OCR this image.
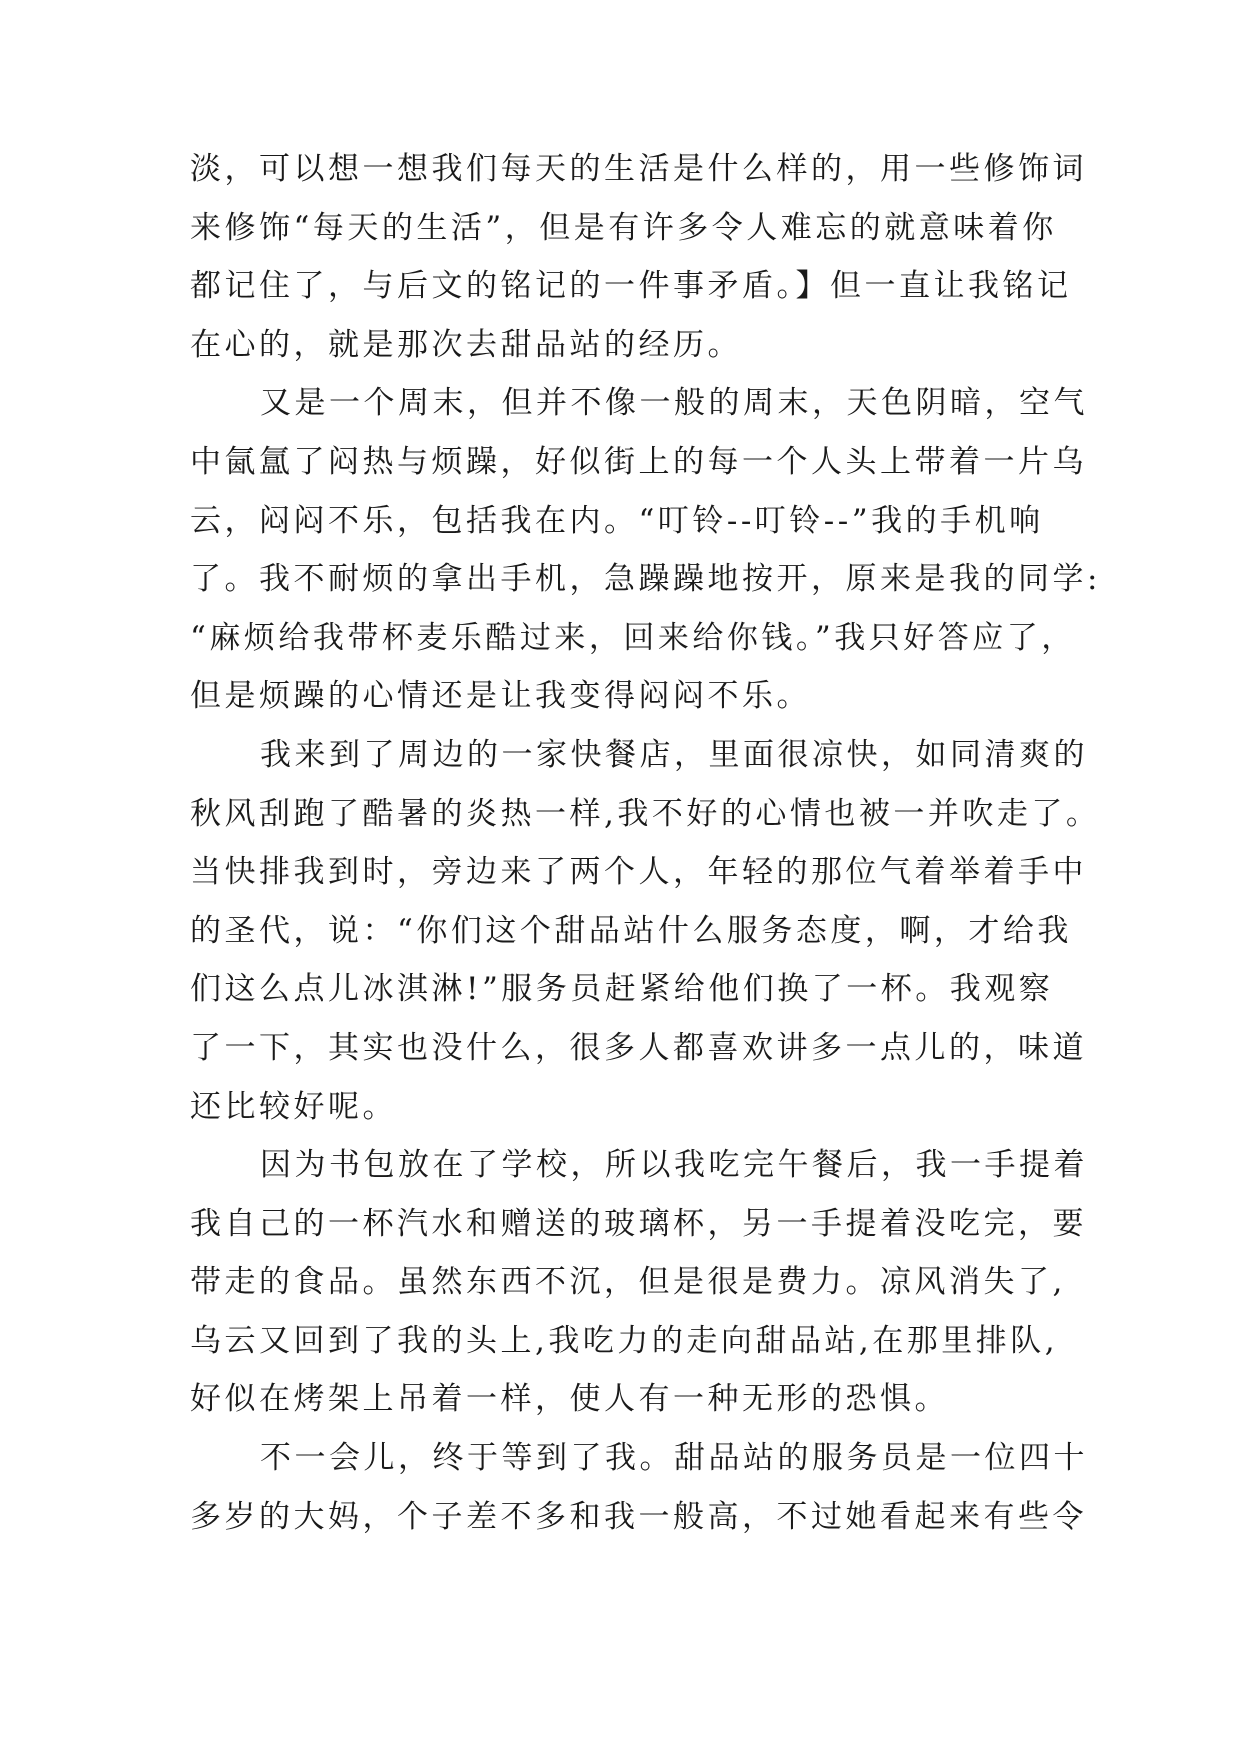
淡，可以想一想我们每天的生活是什么样的，用一些修饰词
来修饰“每天的生活”，但是有许多令人难忘的就意味着你
都记住了，与后文的铭记的一件事矛盾。】但一直让我铭记
在心的，就是那次去甜品站的经历。
又是一个周末，但并不像一般的周末，天色阴暗，空气
中氤氲了闷热与烦躁，好似街上的每一个人头上带着一片乌
云，闷闷不乐，包括我在内。“叮铃--叮铃--”我的手机响
了。我不耐烦的拿出手机，急躁躁地按开，原来是我的同学:
“麻烦给我带杯麦乐酷过来，回来给你钱。”我只好答应了，
但是烦躁的心情还是让我变得闷闷不乐。
我来到了周边的一家快餐店，里面很凉快，如同清爽的
秋风刮跑了酷暑的炎热一样,我不好的心情也被一并吹走了。
当快排我到时，旁边来了两个人，年轻的那位气着举着手中
的圣代，说：“你们这个甜品站什么服务态度，啊，才给我
们这么点儿冰淇淋!”服务员赶紧给他们换了一杯。我观察
了一下，其实也没什么，很多人都喜欢讲多一点儿的，味道
还比较好呢。
因为书包放在了学校，所以我吃完午餐后，我一手提着
我自己的一杯汽水和赠送的玻璃杯，另一手提着没吃完，要
带走的食品。虽然东西不沉，但是很是费力。凉风消失了,
乌云又回到了我的头上,我吃力的走向甜品站,在那里排队,
好似在烤架上吊着一样，使人有一种无形的恐惧。
不一会儿，终于等到了我。甜品站的服务员是一位四十
多岁的大妈，个子差不多和我一般高，不过她看起来有些令
